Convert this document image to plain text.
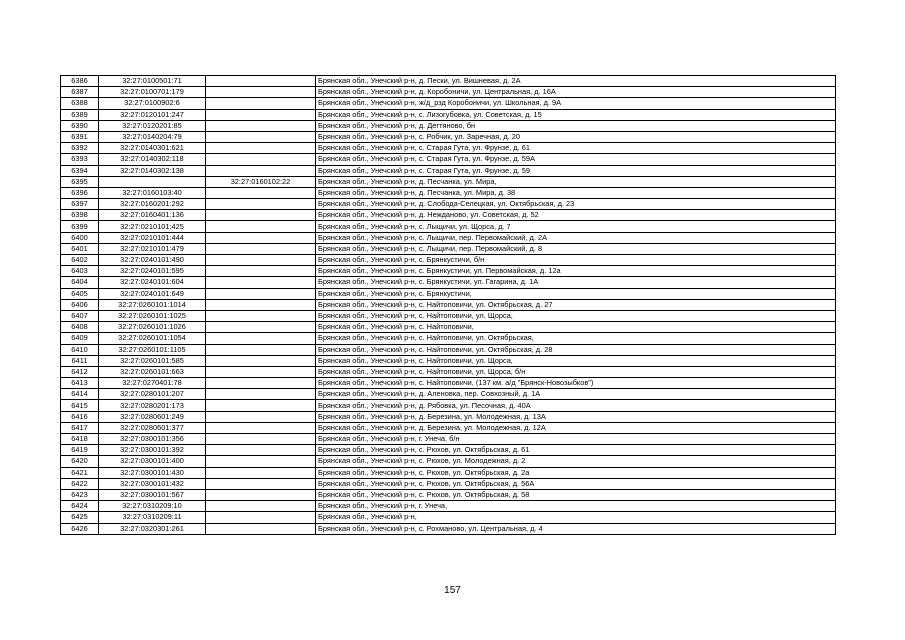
6386	32:27:0100501:71		Брянская обл., Унечский р-н, д. Пески, ул. Вишневая, д. 2А
6387	32:27:0100701:179		Брянская обл., Унечский р-н, д. Коробоничи, ул. Центральная, д. 16А
6388	32:27:0100902:6		Брянская обл., Унечский р-н, ж/д_рзд Коробоничи, ул. Школьная, д. 9А
6389	32:27:0120101:247		Брянская обл., Унечский р-н, с. Лизогубовка, ул. Советская, д. 15
6390	32:27:0120201:85		Брянская обл., Унечский р-н, д. Дегтяново, бн
6391	32:27:0140204:79		Брянская обл., Унечский р-н, с. Робчик, ул. Заречная, д. 20
6392	32:27:0140301:621		Брянская обл., Унечский р-н, с. Старая Гута, ул. Фрунзе, д. 61
6393	32:27:0140302:118		Брянская обл., Унечский р-н, с. Старая Гута, ул. Фрунзе, д. 59А
6394	32:27:0140302:138		Брянская обл., Унечский р-н, с. Старая Гута, ул. Фрунзе, д. 59
6395		32:27:0160102:22	Брянская обл., Унечский р-н, д. Песчанка, ул. Мира,
6396	32:27:0160103:40		Брянская обл., Унечский р-н, д. Песчанка, ул. Мира, д. 38
6397	32:27:0160201:292		Брянская обл., Унечский р-н, д. Слобода-Селецкая, ул. Октябрьская, д. 23
6398	32:27:0160401:136		Брянская обл., Унечский р-н, д. Неждановo, ул. Советская, д. 52
6399	32:27:0210101:425		Брянская обл., Унечский р-н, с. Лыщичи, ул. Щорса, д. 7
6400	32:27:0210101:444		Брянская обл., Унечский р-н, с. Лыщичи, пер. Первомайский, д. 2А
6401	32:27:0210101:479		Брянская обл., Унечский р-н, с. Лыщичи, пер. Первомайский, д. 8
6402	32:27:0240101:490		Брянская обл., Унечский р-н, с. Брянкустичи, б/н
6403	32:27:0240101:595		Брянская обл., Унечский р-н, с. Брянкустичи, ул. Первомайская, д. 12а
6404	32:27:0240101:604		Брянская обл., Унечский р-н, с. Брянкустичи, ул. Гагарина, д. 1А
6405	32:27:0240101:649		Брянская обл., Унечский р-н, с. Брянкустичи,
6406	32:27:0260101:1014		Брянская обл., Унечский р-н, с. Найтоповичи, ул. Октябрьская, д. 27
6407	32:27:0260101:1025		Брянская обл., Унечский р-н, с. Найтоповичи, ул. Щорса,
6408	32:27:0260101:1026		Брянская обл., Унечский р-н, с. Найтоповичи,
6409	32:27:0260101:1054		Брянская обл., Унечский р-н, с. Найтоповичи, ул. Октябрьская,
6410	32:27:0260101:1105		Брянская обл., Унечский р-н, с. Найтоповичи, ул. Октябрьская, д. 28
6411	32:27:0260101:585		Брянская обл., Унечский р-н, с. Найтоповичи, ул. Щорса,
6412	32:27:0260101:663		Брянская обл., Унечский р-н, с. Найтоповичи, ул. Щорса, б/н
6413	32:27:0270401:78		Брянская обл., Унечский р-н, с. Найтоповичи, (137 км. а/д "Брянск-Новозыбков")
6414	32:27:0280101:207		Брянская обл., Унечский р-н, д. Аленовка, пер. Совхозный, д. 1А
6415	32:27:0280201:173		Брянская обл., Унечский р-н, д. Рябовка, ул. Песочная, д. 40А
6416	32:27:0280601:249		Брянская обл., Унечский р-н, д. Березина, ул. Молодежная, д. 13А
6417	32:27:0280601:377		Брянская обл., Унечский р-н, д. Березина, ул. Молодежная, д. 12А
6418	32:27:0300101:356		Брянская обл., Унечский р-н, г. Унеча, б/н
6419	32:27:0300101:392		Брянская обл., Унечский р-н, с. Рюхов, ул. Октябрьская, д. 61
6420	32:27:0300101:400		Брянская обл., Унечский р-н, с. Рюхов, ул. Молодежная, д. 2
6421	32:27:0300101:430		Брянская обл., Унечский р-н, с. Рюхов, ул. Октябрьская, д. 2а
6422	32:27:0300101:432		Брянская обл., Унечский р-н, с. Рюхов, ул. Октябрьская, д. 56А
6423	32:27:0300101:567		Брянская обл., Унечский р-н, с. Рюхов, ул. Октябрьская, д. 58
6424	32:27:0310209:10		Брянская обл., Унечский р-н, г. Унеча,
6425	32:27:0310209:11		Брянская обл., Унечский р-н,
6426	32:27:0320301:261		Брянская обл., Унечский р-н, с. Рохманово, ул. Центральная, д. 4
157
